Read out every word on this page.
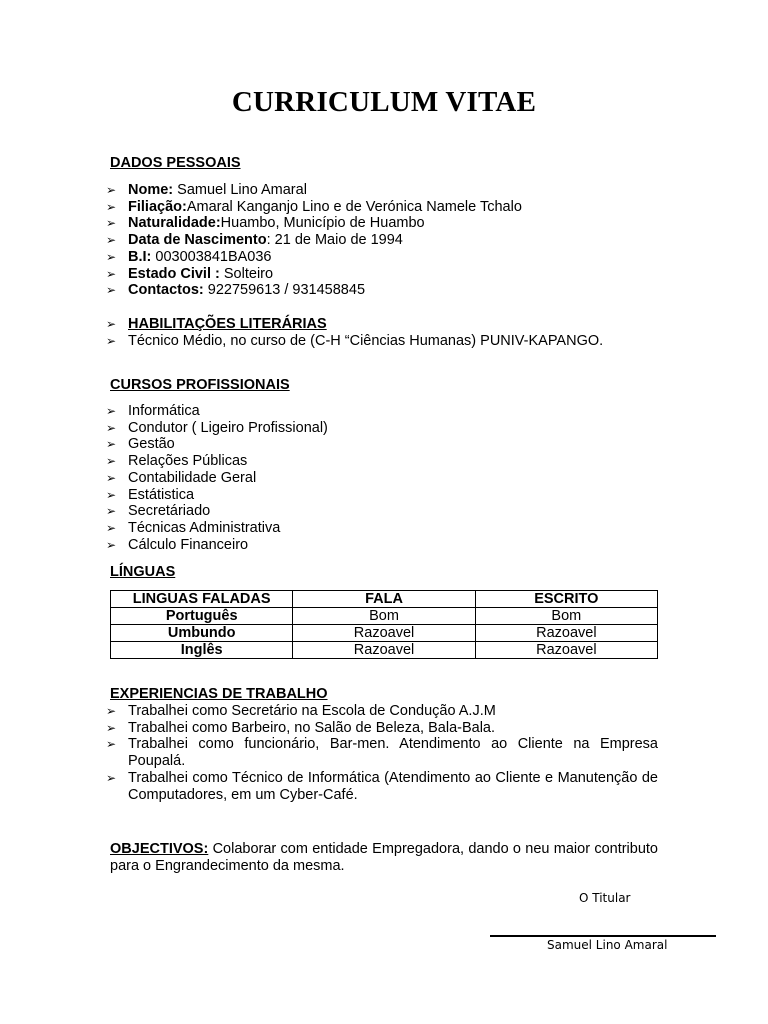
CURRICULUM VITAE
DADOS PESSOAIS
➢ Nome: Samuel Lino Amaral
➢ Filiação:Amaral Kanganjo Lino e de Verónica Namele Tchalo
➢ Naturalidade:Huambo, Município de Huambo
➢ Data de Nascimento: 21 de Maio de 1994
➢ B.I: 003003841BA036
➢ Estado Civil : Solteiro
➢ Contactos: 922759613 / 931458845
➢ HABILITAÇÕES LITERÁRIAS
➢ Técnico Médio, no curso de (C-H “Ciências Humanas) PUNIV-KAPANGO.
CURSOS PROFISSIONAIS
➢ Informática
➢ Condutor ( Ligeiro Profissional)
➢ Gestão
➢ Relações Públicas
➢ Contabilidade Geral
➢ Estátistica
➢ Secretáriado
➢ Técnicas Administrativa
➢ Cálculo Financeiro
LÍNGUAS
LINGUAS FALADAS	FALA	ESCRITO
Português	Bom	Bom
Umbundo	Razoavel	Razoavel
Inglês	Razoavel	Razoavel
EXPERIENCIAS DE TRABALHO
➢ Trabalhei como Secretário na Escola de Condução A.J.M
➢ Trabalhei como Barbeiro, no Salão de Beleza, Bala-Bala.
➢ Trabalhei como funcionário, Bar-men. Atendimento ao Cliente na Empresa Poupalá.
➢ Trabalhei como Técnico de Informática (Atendimento ao Cliente e Manutenção de Computadores, em um Cyber-Café.
OBJECTIVOS: Colaborar com entidade Empregadora, dando o neu maior contributo para o Engrandecimento da mesma.
O Titular
Samuel Lino Amaral
